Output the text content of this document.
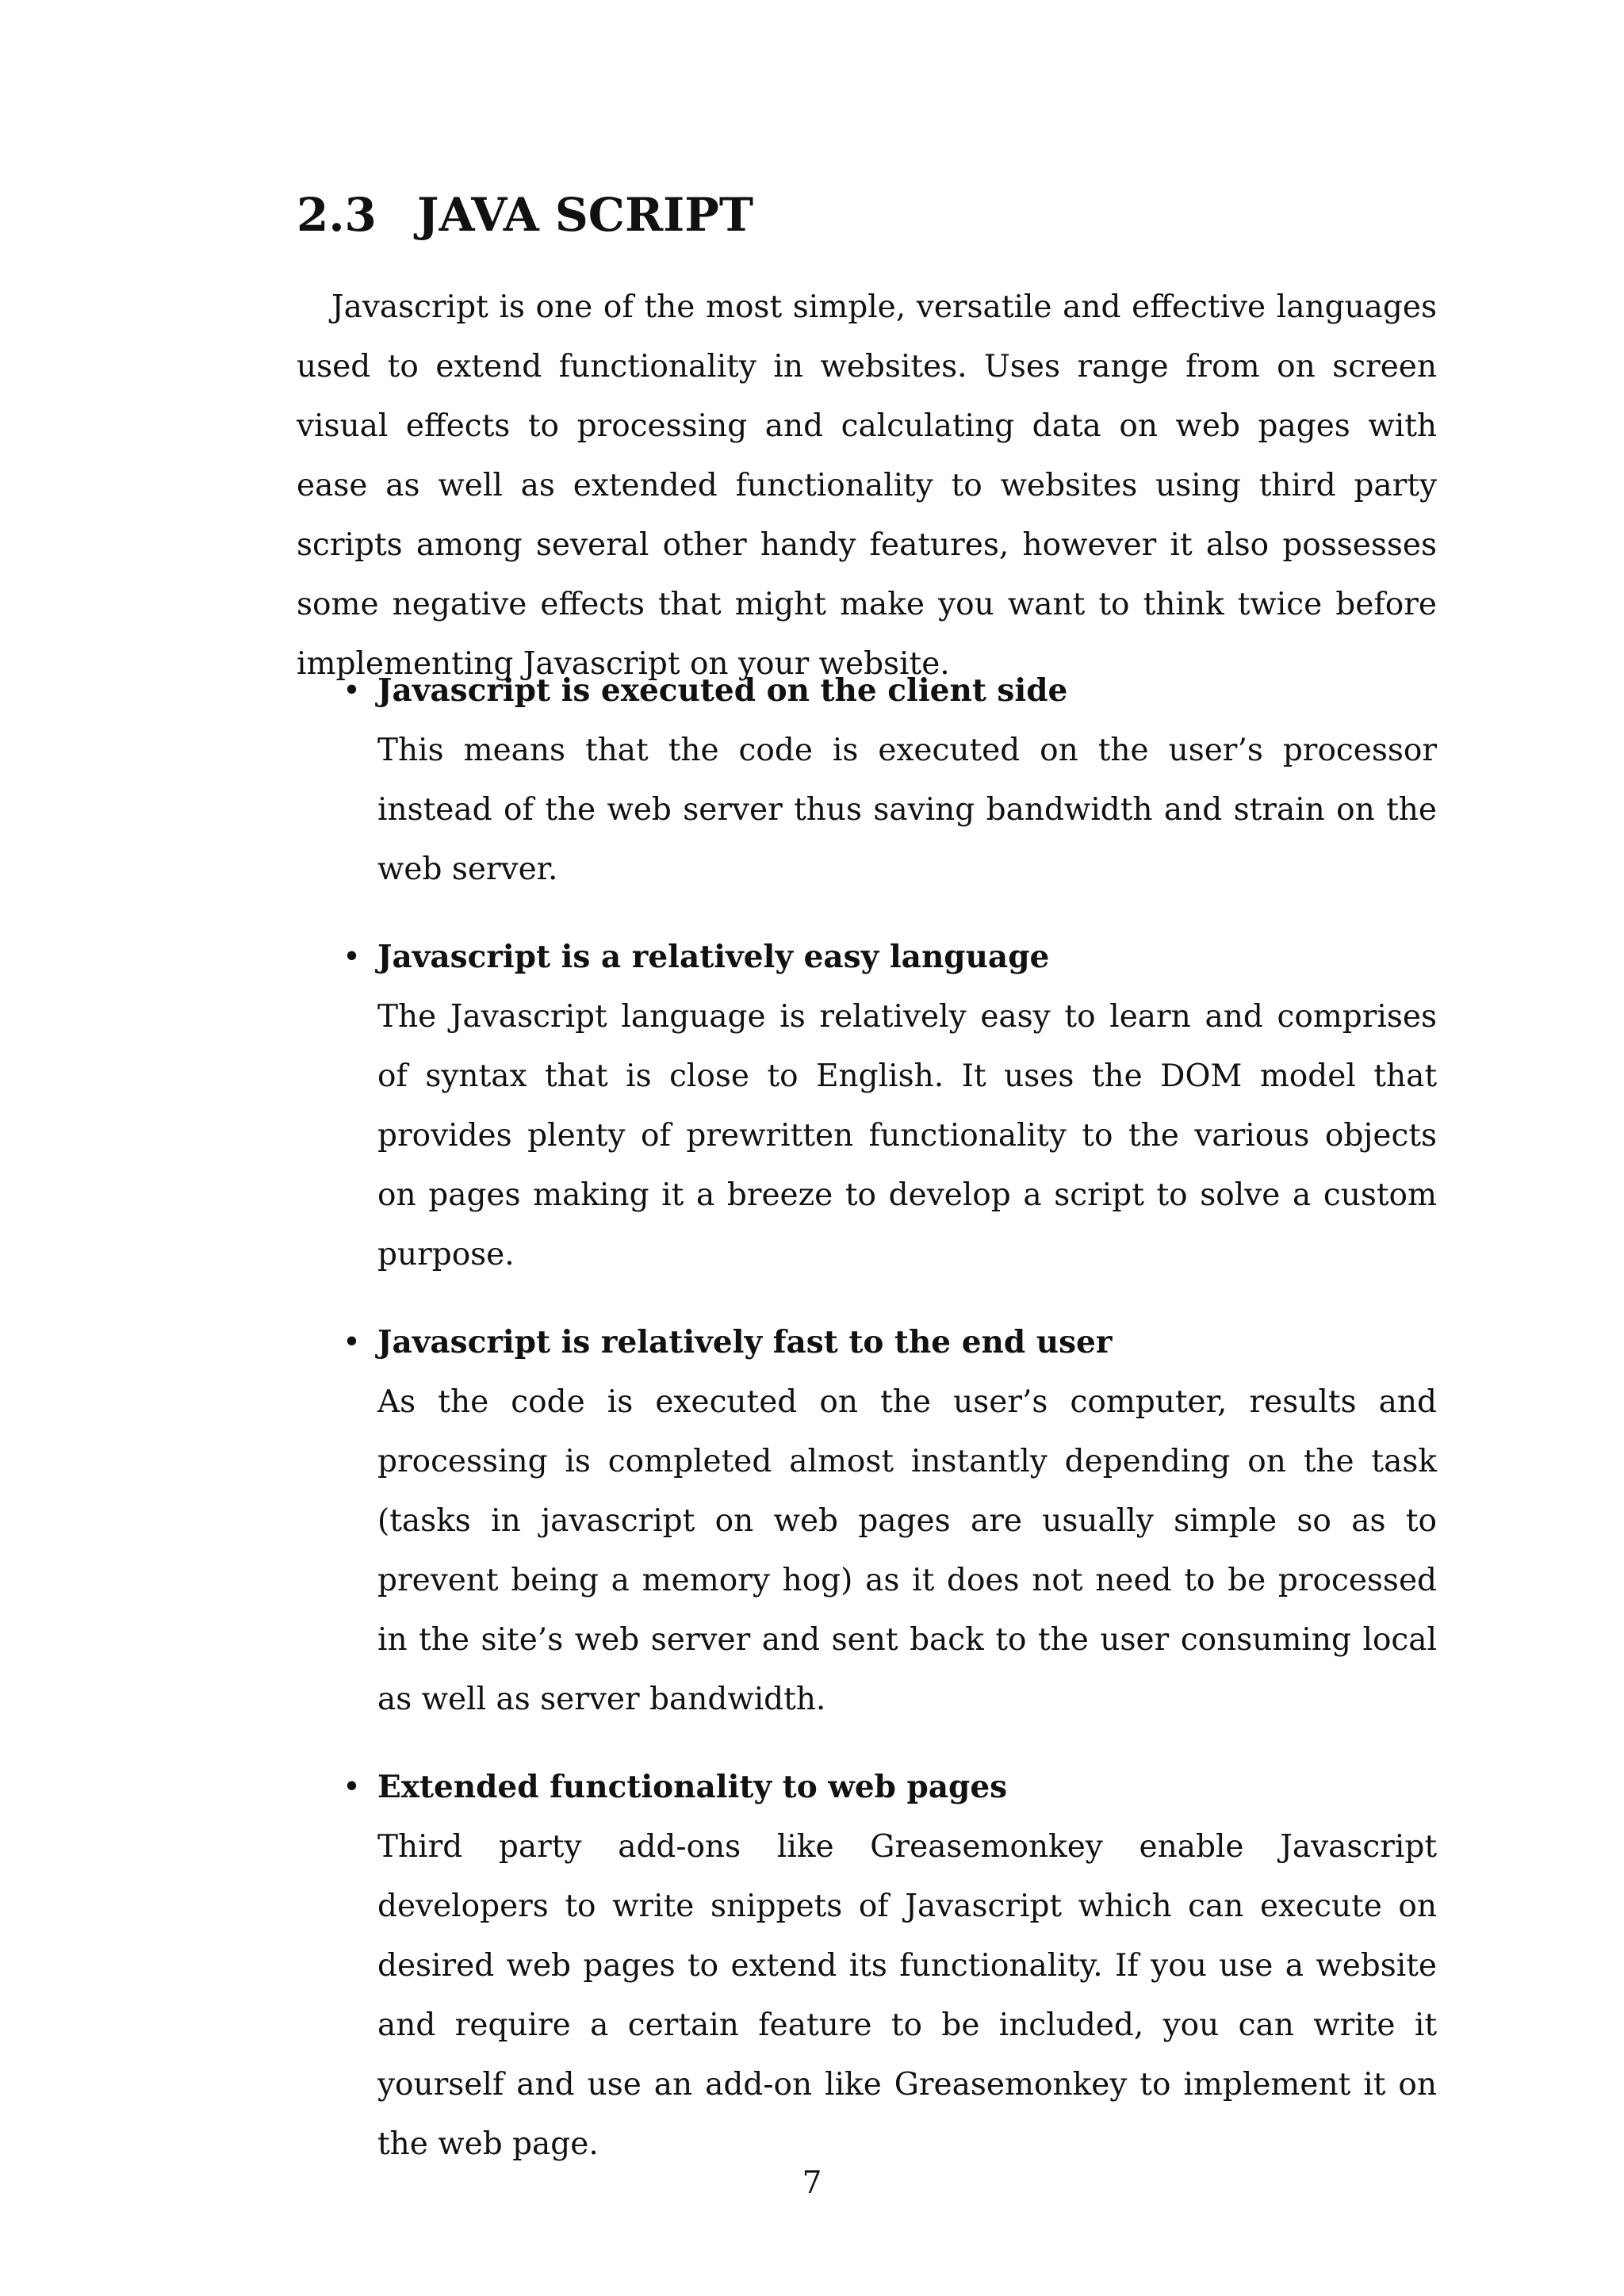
2.3 JAVA SCRIPT

Javascript is one of the most simple, versatile and effective languages used to extend functionality in websites. Uses range from on screen visual effects to processing and calculating data on web pages with ease as well as extended functionality to websites using third party scripts among several other handy features, however it also possesses some negative effects that might make you want to think twice before implementing Javascript on your website.

• Javascript is executed on the client side
This means that the code is executed on the user’s processor instead of the web server thus saving bandwidth and strain on the web server.
• Javascript is a relatively easy language
The Javascript language is relatively easy to learn and comprises of syntax that is close to English. It uses the DOM model that provides plenty of prewritten functionality to the various objects on pages making it a breeze to develop a script to solve a custom purpose.
• Javascript is relatively fast to the end user
As the code is executed on the user’s computer, results and processing is completed almost instantly depending on the task (tasks in javascript on web pages are usually simple so as to prevent being a memory hog) as it does not need to be processed in the site’s web server and sent back to the user consuming local as well as server bandwidth.
• Extended functionality to web pages
Third party add-ons like Greasemonkey enable Javascript developers to write snippets of Javascript which can execute on desired web pages to extend its functionality. If you use a website and require a certain feature to be included, you can write it yourself and use an add-on like Greasemonkey to implement it on the web page.
7
